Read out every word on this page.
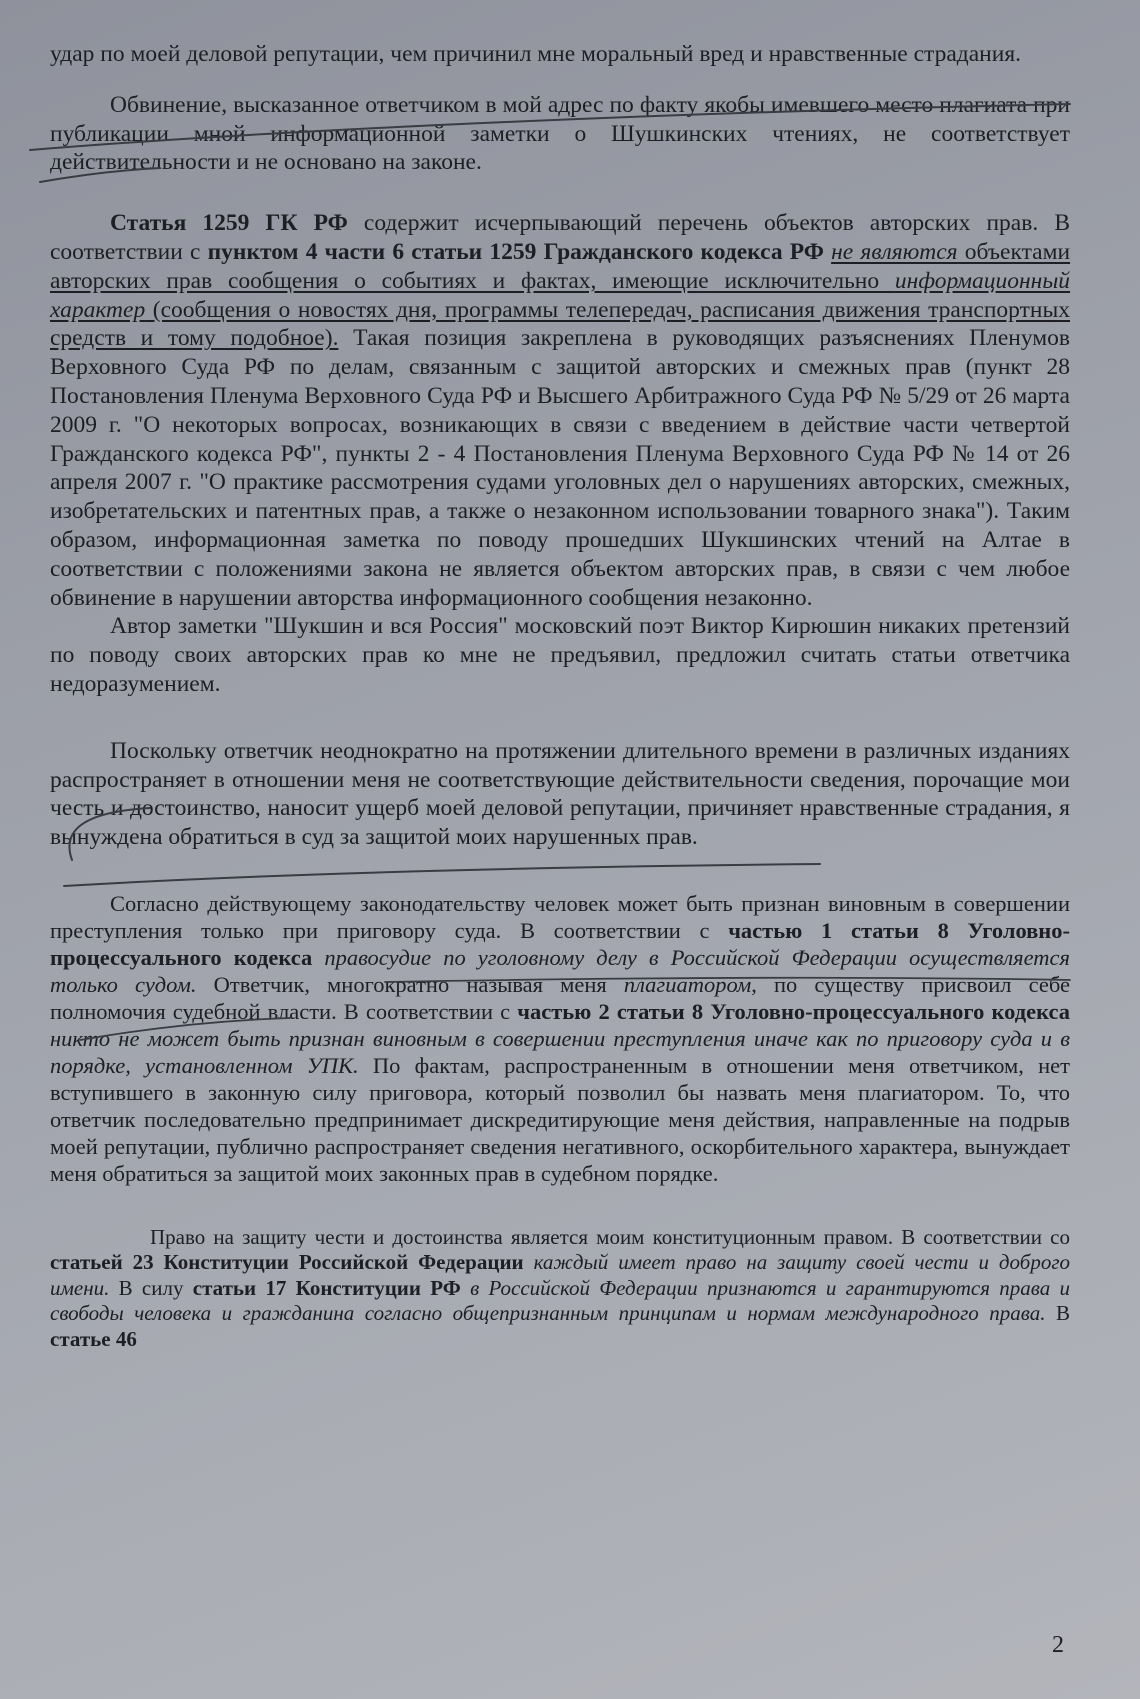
удар по моей деловой репутации, чем причинил мне моральный вред и нравственные страдания.

Обвинение, высказанное ответчиком в мой адрес по факту якобы имевшего место плагиата при публикации мной информационной заметки о Шушкинских чтениях, не соответствует действительности и не основано на законе.

Статья 1259 ГК РФ содержит исчерпывающий перечень объектов авторских прав. В соответствии с пунктом 4 части 6 статьи 1259 Гражданского кодекса РФ не являются объектами авторских прав сообщения о событиях и фактах, имеющие исключительно информационный характер (сообщения о новостях дня, программы телепередач, расписания движения транспортных средств и тому подобное). Такая позиция закреплена в руководящих разъяснениях Пленумов Верховного Суда РФ по делам, связанным с защитой авторских и смежных прав (пункт 28 Постановления Пленума Верховного Суда РФ и Высшего Арбитражного Суда РФ № 5/29 от 26 марта 2009 г. "О некоторых вопросах, возникающих в связи с введением в действие части четвертой Гражданского кодекса РФ", пункты 2 - 4 Постановления Пленума Верховного Суда РФ № 14 от 26 апреля 2007 г. "О практике рассмотрения судами уголовных дел о нарушениях авторских, смежных, изобретательских и патентных прав, а также о незаконном использовании товарного знака"). Таким образом, информационная заметка по поводу прошедших Шукшинских чтений на Алтае в соответствии с положениями закона не является объектом авторских прав, в связи с чем любое обвинение в нарушении авторства информационного сообщения незаконно.

Автор заметки "Шукшин и вся Россия" московский поэт Виктор Кирюшин никаких претензий по поводу своих авторских прав ко мне не предъявил, предложил считать статьи ответчика недоразумением.

Поскольку ответчик неоднократно на протяжении длительного времени в различных изданиях распространяет в отношении меня не соответствующие действительности сведения, порочащие мои честь и достоинство, наносит ущерб моей деловой репутации, причиняет нравственные страдания, я вынуждена обратиться в суд за защитой моих нарушенных прав.

Согласно действующему законодательству человек может быть признан виновным в совершении преступления только при приговору суда. В соответствии с частью 1 статьи 8 Уголовно-процессуального кодекса правосудие по уголовному делу в Российской Федерации осуществляется только судом. Ответчик, многократно называя меня плагиатором, по существу присвоил себе полномочия судебной власти. В соответствии с частью 2 статьи 8 Уголовно-процессуального кодекса никто не может быть признан виновным в совершении преступления иначе как по приговору суда и в порядке, установленном УПК. По фактам, распространенным в отношении меня ответчиком, нет вступившего в законную силу приговора, который позволил бы назвать меня плагиатором. То, что ответчик последовательно предпринимает дискредитирующие меня действия, направленные на подрыв моей репутации, публично распространяет сведения негативного, оскорбительного характера, вынуждает меня обратиться за защитой моих законных прав в судебном порядке.

Право на защиту чести и достоинства является моим конституционным правом. В соответствии со статьей 23 Конституции Российской Федерации каждый имеет право на защиту своей чести и доброго имени. В силу статьи 17 Конституции РФ в Российской Федерации признаются и гарантируются права и свободы человека и гражданина согласно общепризнанным принципам и нормам международного права. В статье 46

2
